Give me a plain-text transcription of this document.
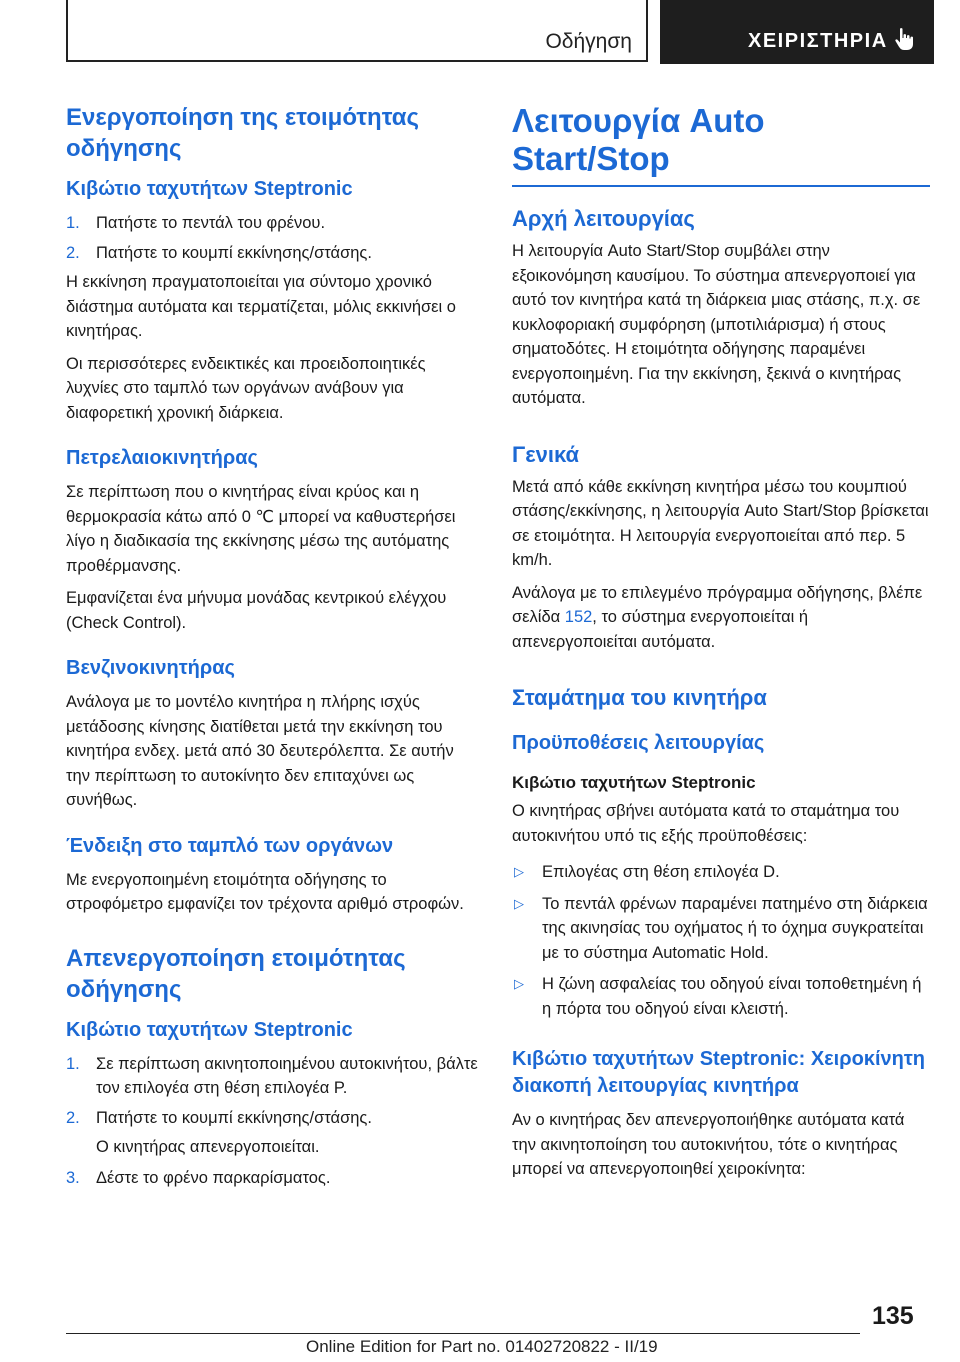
Οδήγηση	ΧΕΙΡΙΣΤΗΡΙΑ
Ενεργοποίηση της ετοιμότητας οδήγησης
Κιβώτιο ταχυτήτων Steptronic
1. Πατήστε το πεντάλ του φρένου.
2. Πατήστε το κουμπί εκκίνησης/στάσης.
Η εκκίνηση πραγματοποιείται για σύντομο χρονικό διάστημα αυτόματα και τερματίζεται, μόλις εκκινήσει ο κινητήρας.
Οι περισσότερες ενδεικτικές και προειδοποιητικές λυχνίες στο ταμπλό των οργάνων ανάβουν για διαφορετική χρονική διάρκεια.
Πετρελαιοκινητήρας
Σε περίπτωση που ο κινητήρας είναι κρύος και η θερμοκρασία κάτω από 0 ℃ μπορεί να καθυστερήσει λίγο η διαδικασία της εκκίνησης μέσω της αυτόματης προθέρμανσης.
Εμφανίζεται ένα μήνυμα μονάδας κεντρικού ελέγχου (Check Control).
Βενζινοκινητήρας
Ανάλογα με το μοντέλο κινητήρα η πλήρης ισχύς μετάδοσης κίνησης διατίθεται μετά την εκκίνηση του κινητήρα ενδεχ. μετά από 30 δευτερόλεπτα. Σε αυτήν την περίπτωση το αυτοκίνητο δεν επιταχύνει ως συνήθως.
Ένδειξη στο ταμπλό των οργάνων
Με ενεργοποιημένη ετοιμότητα οδήγησης το στροφόμετρο εμφανίζει τον τρέχοντα αριθμό στροφών.
Απενεργοποίηση ετοιμότητας οδήγησης
Κιβώτιο ταχυτήτων Steptronic
1. Σε περίπτωση ακινητοποιημένου αυτοκινήτου, βάλτε τον επιλογέα στη θέση επιλογέα P.
2. Πατήστε το κουμπί εκκίνησης/στάσης.
Ο κινητήρας απενεργοποιείται.
3. Δέστε το φρένο παρκαρίσματος.
Λειτουργία Auto Start/Stop
Αρχή λειτουργίας
Η λειτουργία Auto Start/Stop συμβάλει στην εξοικονόμηση καυσίμου. Το σύστημα απενεργοποιεί για αυτό τον κινητήρα κατά τη διάρκεια μιας στάσης, π.χ. σε κυκλοφοριακή συμφόρηση (μποτιλιάρισμα) ή στους σηματοδότες. Η ετοιμότητα οδήγησης παραμένει ενεργοποιημένη. Για την εκκίνηση, ξεκινά ο κινητήρας αυτόματα.
Γενικά
Μετά από κάθε εκκίνηση κινητήρα μέσω του κουμπιού στάσης/εκκίνησης, η λειτουργία Auto Start/Stop βρίσκεται σε ετοιμότητα. Η λειτουργία ενεργοποιείται από περ. 5 km/h.
Ανάλογα με το επιλεγμένο πρόγραμμα οδήγησης, βλέπε σελίδα 152, το σύστημα ενεργοποιείται ή απενεργοποιείται αυτόματα.
Σταμάτημα του κινητήρα
Προϋποθέσεις λειτουργίας
Κιβώτιο ταχυτήτων Steptronic
Ο κινητήρας σβήνει αυτόματα κατά το σταμάτημα του αυτοκινήτου υπό τις εξής προϋποθέσεις:
▷ Επιλογέας στη θέση επιλογέα D.
▷ Το πεντάλ φρένων παραμένει πατημένο στη διάρκεια της ακινησίας του οχήματος ή το όχημα συγκρατείται με το σύστημα Automatic Hold.
▷ Η ζώνη ασφαλείας του οδηγού είναι τοποθετημένη ή η πόρτα του οδηγού είναι κλειστή.
Κιβώτιο ταχυτήτων Steptronic: Χειροκίνητη διακοπή λειτουργίας κινητήρα
Αν ο κινητήρας δεν απενεργοποιήθηκε αυτόματα κατά την ακινητοποίηση του αυτοκινήτου, τότε ο κινητήρας μπορεί να απενεργοποιηθεί χειροκίνητα:
135
Online Edition for Part no. 01402720822 - II/19
